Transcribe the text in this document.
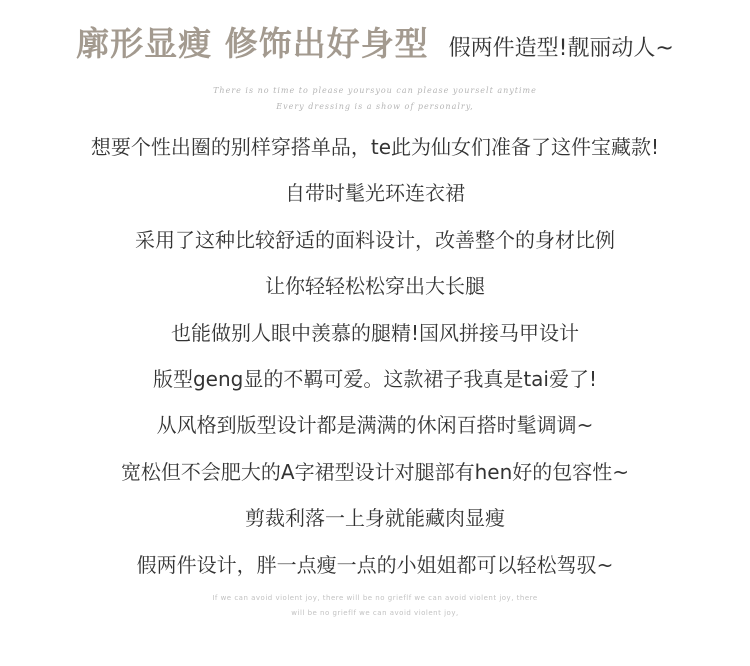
廓形显瘦 修饰出好身型 假两件造型!靓丽动人~
There is no time to please yoursyou can please yourselt anytime
Every dressing is a show of personalry,
想要个性出圈的别样穿搭单品，te此为仙女们准备了这件宝藏款!
自带时髦光环连衣裙
采用了这种比较舒适的面料设计，改善整个的身材比例
让你轻轻松松穿出大长腿
也能做别人眼中羡慕的腿精!国风拼接马甲设计
版型geng显的不羁可爱。这款裙子我真是tai爱了!
从风格到版型设计都是满满的休闲百搭时髦调调~
宽松但不会肥大的A字裙型设计对腿部有hen好的包容性~
剪裁利落一上身就能藏肉显瘦
假两件设计，胖一点瘦一点的小姐姐都可以轻松驾驭~
If we can avoid violent joy, there will be no grieflf we can avoid violent joy, there
will be no grieflf we can avoid violent joy,
